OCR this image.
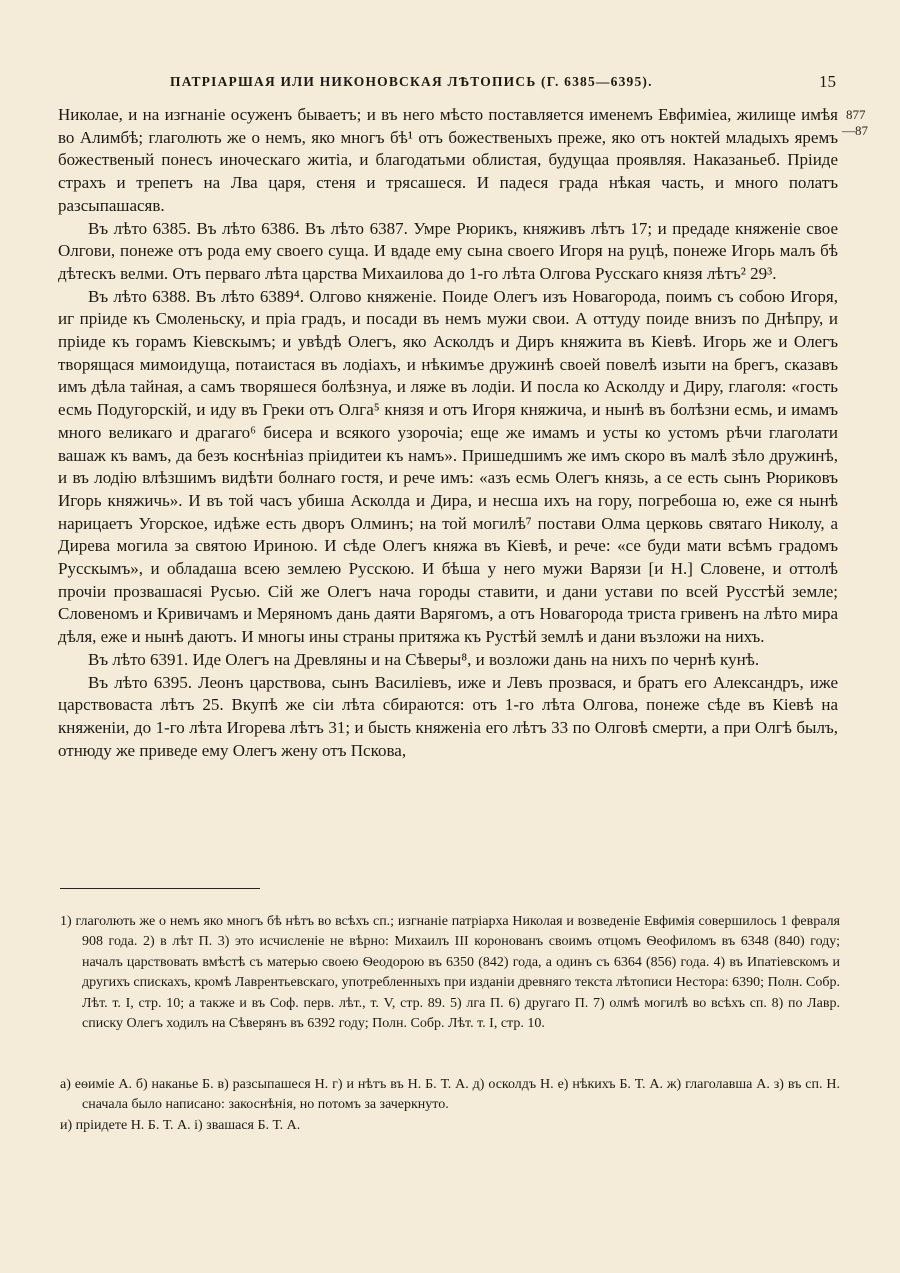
ПАТРІАРШАЯ ИЛИ НИКОНОВСКАЯ ЛѢТОПИСЬ (Г. 6385—6395).	15
877
—87

Николае, и на изгнаніе осуженъ бываетъ; и въ него мѣсто поставляется именемъ Евфиміеа, жилище имѣя во Алимбѣ; глаголють же о немъ, яко многъ бѣ¹ отъ божественыхъ преже, яко отъ ноктей младыхъ яремъ божественый понесъ иноческаго житіа, и благодатьми облистая, будущаа проявляя. Наказаньеб. Пріиде страхъ и трепетъ на Лва царя, стеня и трясашеся. И падеся града нѣкая часть, и много полатъ разсыпашасяв.

Въ лѣто 6385. Въ лѣто 6386. Въ лѣто 6387. Умре Рюрикъ, княживъ лѣтъ 17; и предаде княженіе свое Олгови, понеже отъ рода ему своего суща. И вдаде ему сына своего Игоря на руцѣ, понеже Игорь малъ бѣ дѣтескъ велми. Отъ перваго лѣта царства Михаилова до 1-го лѣта Олгова Русскаго князя лѣтъ² 29³.

Въ лѣто 6388. Въ лѣто 6389⁴. Олгово княженіе. Поиде Олегъ изъ Новагорода, поимъ съ собою Игоря, иг пріиде къ Смоленьску, и пріа градъ, и посади въ немъ мужи свои. А оттуду поиде внизъ по Днѣпру, и пріиде къ горамъ Кіевскымъ; и увѣдѣ Олегъ, яко Асколдъ и Диръ княжита въ Кіевѣ. Игорь же и Олегъ творящася мимоидуща, потаистася въ лодіахъ, и нѣкимъе дружинѣ своей повелѣ изыти на брегъ, сказавъ имъ дѣла тайная, а самъ творяшеся болѣзнуа, и ляже въ лодіи. И посла ко Асколду и Диру, глаголя: «гость есмь Подугорскій, и иду въ Греки отъ Олга⁵ князя и отъ Игоря княжича, и нынѣ въ болѣзни есмь, и имамъ много великаго и драгаго⁶ бисера и всякого узорочіа; еще же имамъ и усты ко устомъ рѣчи глаголати вашаж къ вамъ, да безъ коснѣніаз пріидитеи къ намъ». Пришедшимъ же имъ скоро въ малѣ зѣло дружинѣ, и въ лодію влѣзшимъ видѣти болнаго гостя, и рече имъ: «азъ есмь Олегъ князь, а се есть сынъ Рюриковъ Игорь княжичь». И въ той часъ убиша Асколда и Дира, и несша ихъ на гору, погребоша ю, еже ся нынѣ нарицаетъ Угорское, идѣже есть дворъ Олминъ; на той могилѣ⁷ постави Олма церковь святаго Николу, а Дирева могила за святою Ириною. И сѣде Олегъ княжа въ Кіевѣ, и рече: «се буди мати всѣмъ градомъ Русскымъ», и обладаша всею землею Русскою. И бѣша у него мужи Варязи [и Н.] Словене, и оттолѣ прочіи прозвашасяі Русью. Сій же Олегъ нача городы ставити, и дани устави по всей Русстѣй земле; Словеномъ и Кривичамъ и Меряномъ дань даяти Варягомъ, а отъ Новагорода триста гривенъ на лѣто мира дѣля, еже и нынѣ даютъ. И многы ины страны притяжа къ Рустѣй землѣ и дани възложи на нихъ.

Въ лѣто 6391. Иде Олегъ на Древляны и на Сѣверы⁸, и возложи дань на нихъ по чернѣ кунѣ.

Въ лѣто 6395. Леонъ царствова, сынъ Василіевъ, иже и Левъ прозвася, и братъ его Александръ, иже царствоваста лѣтъ 25. Вкупѣ же сіи лѣта сбираются: отъ 1-го лѣта Олгова, понеже сѣде въ Кіевѣ на княженіи, до 1-го лѣта Игорева лѣтъ 31; и бысть княженіа его лѣтъ 33 по Олговѣ смерти, а при Олгѣ былъ, отнюду же приведе ему Олегъ жену отъ Пскова,

1) глаголють же о немъ яко многъ бѣ нѣтъ во всѣхъ сп.; изгнаніе патріарха Николая и возведеніе Евфимія совершилось 1 февраля 908 года. 2) в лѣт П. 3) это исчисленіе не вѣрно: Михаилъ III коронованъ своимъ отцомъ Ѳеофиломъ въ 6348 (840) году; началъ царствовать вмѣстѣ съ матерью своею Ѳеодорою въ 6350 (842) года, а одинъ съ 6364 (856) года. 4) въ Ипатіевскомъ и другихъ спискахъ, кромѣ Лаврентьевскаго, употребленныхъ при изданіи древняго текста лѣтописи Нестора: 6390; Полн. Собр. Лѣт. т. I, стр. 10; а также и въ Соф. перв. лѣт., т. V, стр. 89. 5) лга П. 6) другаго П. 7) олмѣ могилѣ во всѣхъ сп. 8) по Лавр. списку Олегъ ходилъ на Сѣверянъ въ 6392 году; Полн. Собр. Лѣт. т. I, стр. 10.

а) еѳиміе А. б) наканье Б. в) разсыпашеся Н. г) и нѣтъ въ Н. Б. Т. А. д) осколдъ Н. е) нѣкихъ Б. Т. А. ж) глаголавша А. з) въ сп. Н. сначала было написано: закоснѣнія, но потомъ за зачеркнуто.

и) пріидете Н. Б. Т. А. і) звашася Б. Т. А.
